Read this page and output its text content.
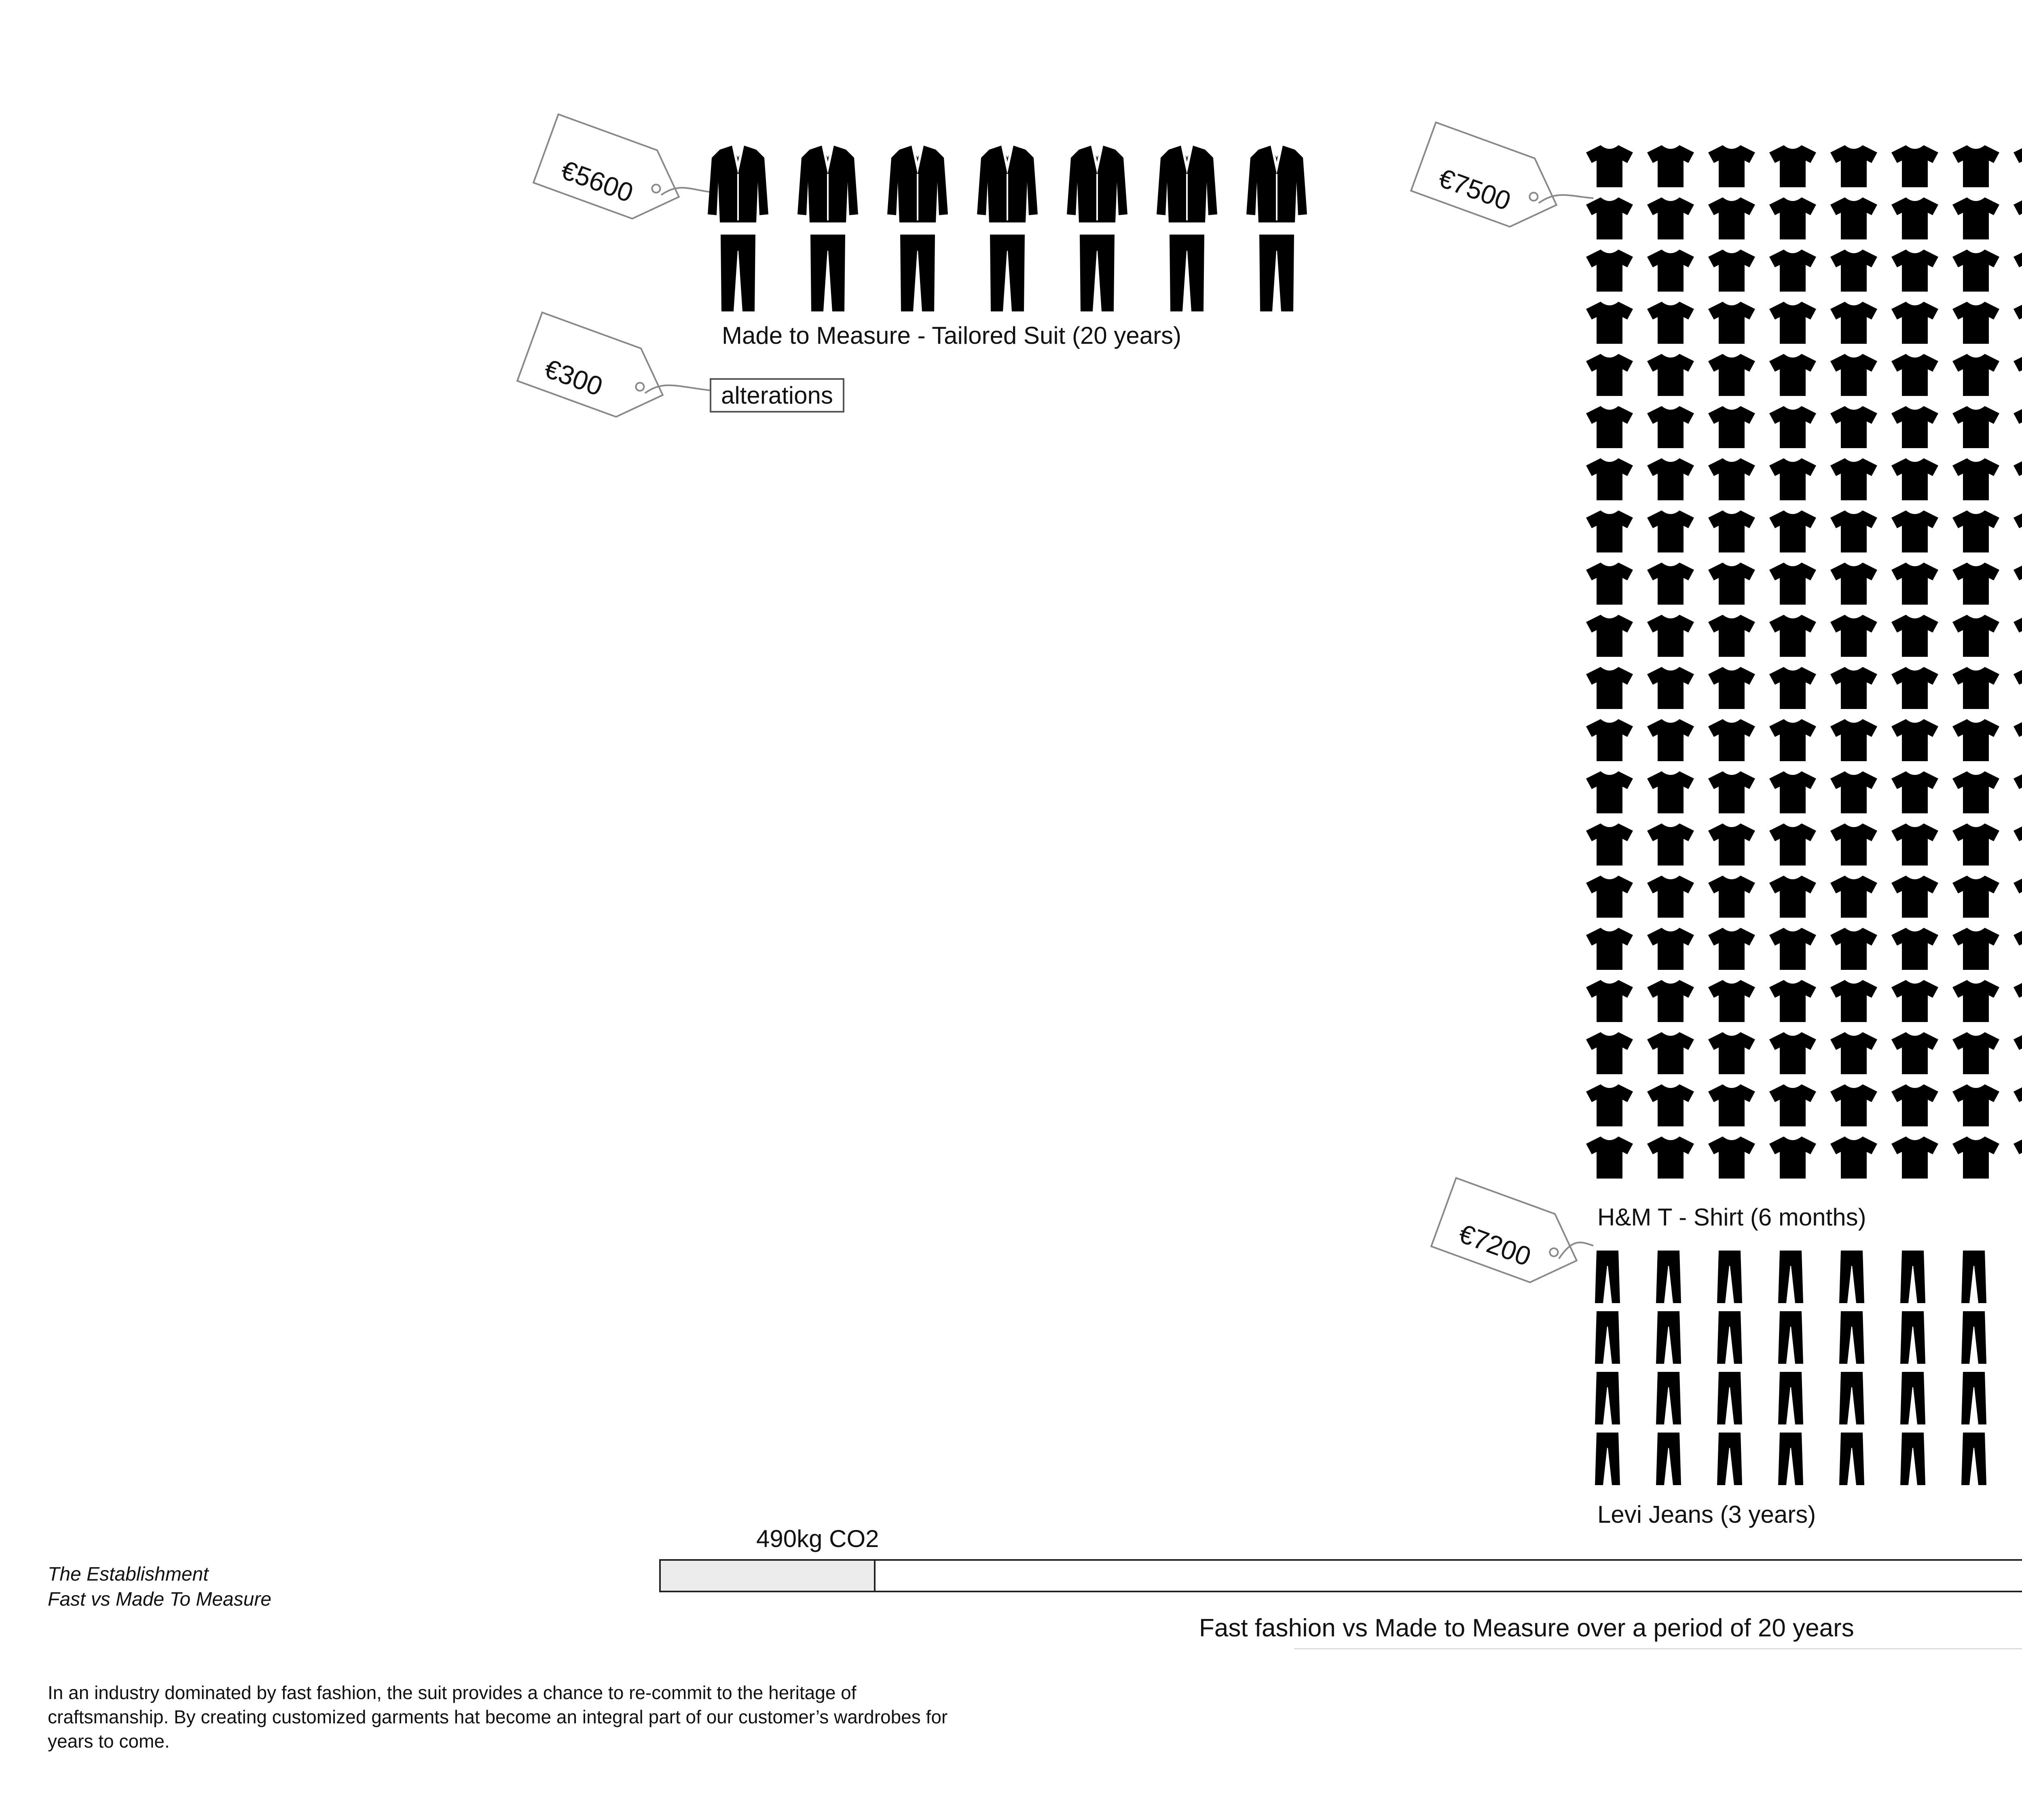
€5600
€300
€7500
€7200
Made to Measure - Tailored Suit (20 years)
alterations
H&M T - Shirt (6 months)
Levi Jeans (3 years)
490kg CO2
Fast fashion vs Made to Measure over a period of 20 years
The Establishment
Fast vs Made To Measure
In an industry dominated by fast fashion, the suit provides a chance to re-commit to the heritage of craftsmanship. By creating customized garments hat become an integral part of our customer’s wardrobes for years to come.
